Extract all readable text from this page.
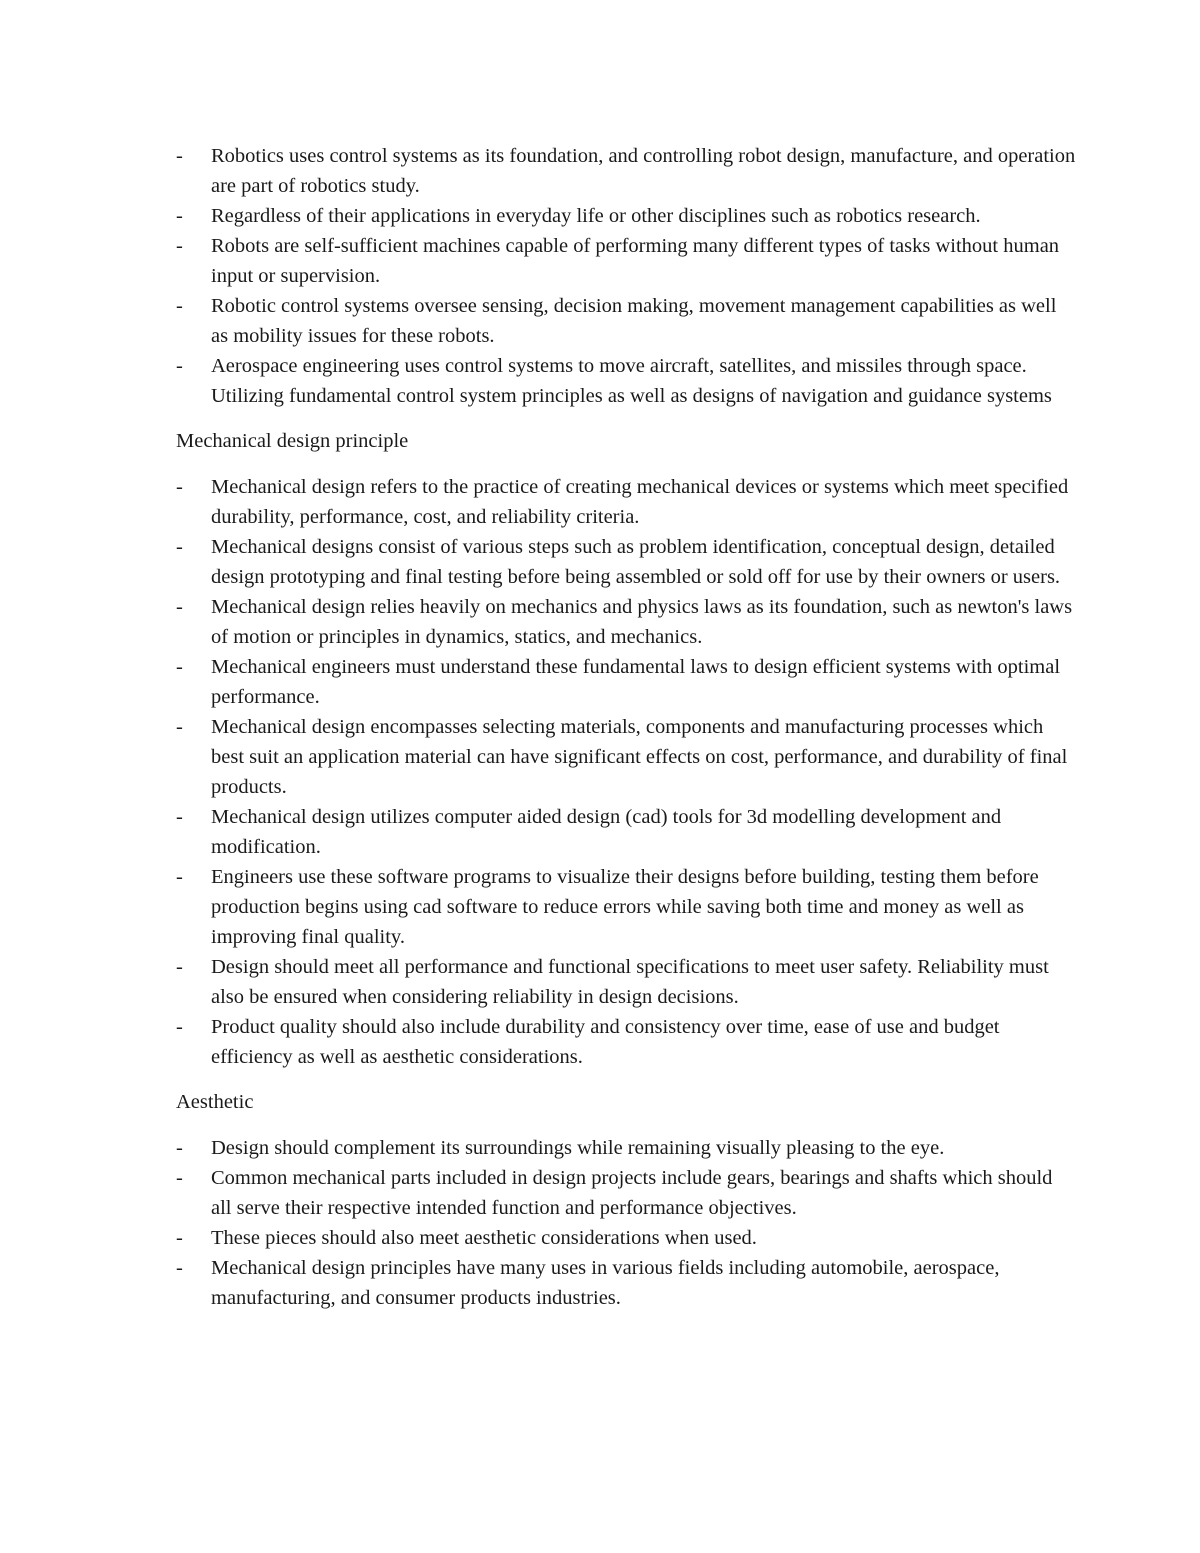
-	Robotics uses control systems as its foundation, and controlling robot design, manufacture, and operation are part of robotics study.
-	Regardless of their applications in everyday life or other disciplines such as robotics research.
-	Robots are self-sufficient machines capable of performing many different types of tasks without human input or supervision.
-	Robotic control systems oversee sensing, decision making, movement management capabilities as well as mobility issues for these robots.
-	Aerospace engineering uses control systems to move aircraft, satellites, and missiles through space. Utilizing fundamental control system principles as well as designs of navigation and guidance systems
Mechanical design principle
-	Mechanical design refers to the practice of creating mechanical devices or systems which meet specified durability, performance, cost, and reliability criteria.
-	Mechanical designs consist of various steps such as problem identification, conceptual design, detailed design prototyping and final testing before being assembled or sold off for use by their owners or users.
-	Mechanical design relies heavily on mechanics and physics laws as its foundation, such as newton's laws of motion or principles in dynamics, statics, and mechanics.
-	Mechanical engineers must understand these fundamental laws to design efficient systems with optimal performance.
-	Mechanical design encompasses selecting materials, components and manufacturing processes which best suit an application material can have significant effects on cost, performance, and durability of final products.
-	Mechanical design utilizes computer aided design (cad) tools for 3d modelling development and modification.
-	Engineers use these software programs to visualize their designs before building, testing them before production begins using cad software to reduce errors while saving both time and money as well as improving final quality.
-	Design should meet all performance and functional specifications to meet user safety. Reliability must also be ensured when considering reliability in design decisions.
-	Product quality should also include durability and consistency over time, ease of use and budget efficiency as well as aesthetic considerations.
Aesthetic
-	Design should complement its surroundings while remaining visually pleasing to the eye.
-	Common mechanical parts included in design projects include gears, bearings and shafts which should all serve their respective intended function and performance objectives.
-	These pieces should also meet aesthetic considerations when used.
-	Mechanical design principles have many uses in various fields including automobile, aerospace, manufacturing, and consumer products industries.
